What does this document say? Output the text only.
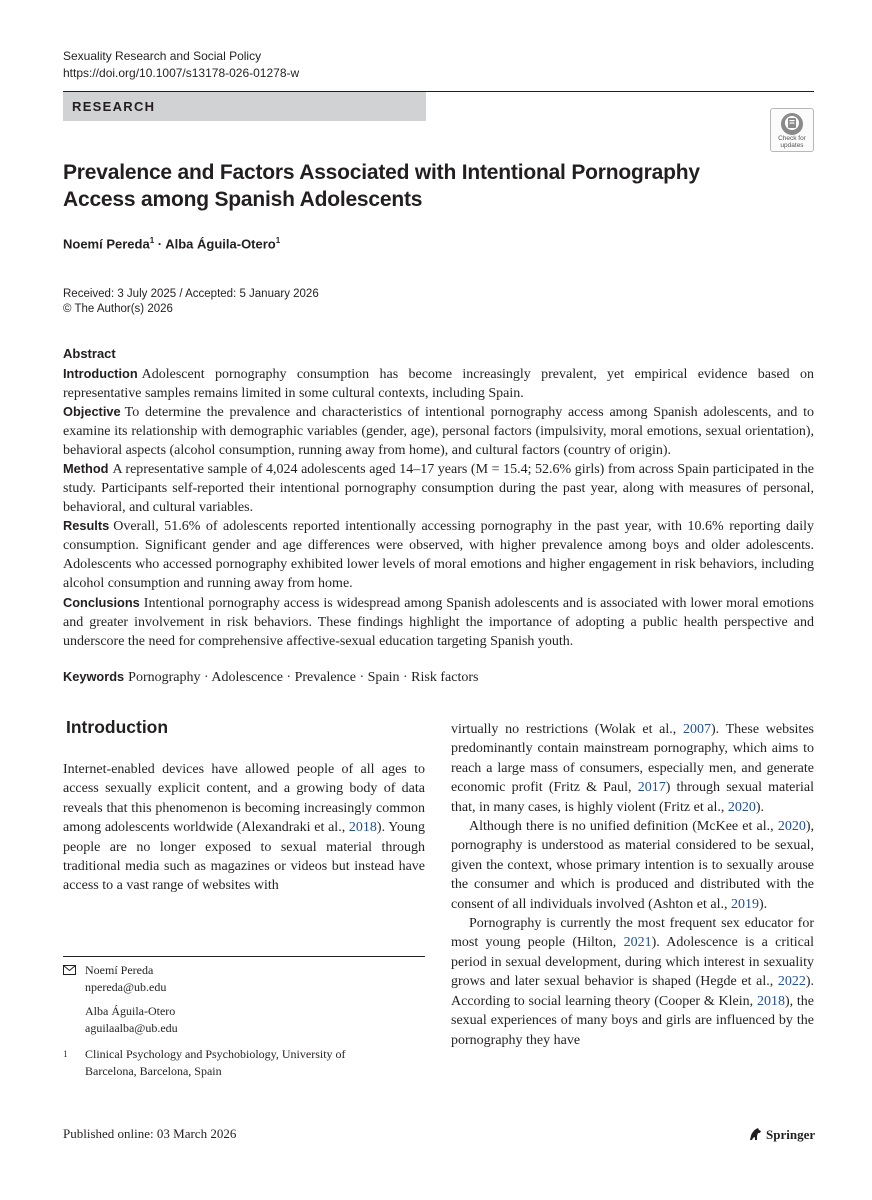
Sexuality Research and Social Policy
https://doi.org/10.1007/s13178-026-01278-w
RESEARCH
Check for updates
Prevalence and Factors Associated with Intentional Pornography Access among Spanish Adolescents
Noemí Pereda$^1$ · Alba Águila-Otero$^1$
Received: 3 July 2025 / Accepted: 5 January 2026
© The Author(s) 2026
Abstract
Introduction Adolescent pornography consumption has become increasingly prevalent, yet empirical evidence based on representative samples remains limited in some cultural contexts, including Spain.
Objective To determine the prevalence and characteristics of intentional pornography access among Spanish adolescents, and to examine its relationship with demographic variables (gender, age), personal factors (impulsivity, moral emotions, sexual orientation), behavioral aspects (alcohol consumption, running away from home), and cultural factors (country of origin).
Method A representative sample of 4,024 adolescents aged 14–17 years (M = 15.4; 52.6% girls) from across Spain participated in the study. Participants self-reported their intentional pornography consumption during the past year, along with measures of personal, behavioral, and cultural variables.
Results Overall, 51.6% of adolescents reported intentionally accessing pornography in the past year, with 10.6% reporting daily consumption. Significant gender and age differences were observed, with higher prevalence among boys and older adolescents. Adolescents who accessed pornography exhibited lower levels of moral emotions and higher engagement in risk behaviors, including alcohol consumption and running away from home.
Conclusions Intentional pornography access is widespread among Spanish adolescents and is associated with lower moral emotions and greater involvement in risk behaviors. These findings highlight the importance of adopting a public health perspective and underscore the need for comprehensive affective-sexual education targeting Spanish youth.
Keywords Pornography · Adolescence · Prevalence · Spain · Risk factors
Introduction

Internet-enabled devices have allowed people of all ages to access sexually explicit content, and a growing body of data reveals that this phenomenon is becoming increasingly common among adolescents worldwide (Alexandraki et al., 2018). Young people are no longer exposed to sexual material through traditional media such as magazines or videos but instead have access to a vast range of websites with

virtually no restrictions (Wolak et al., 2007). These websites predominantly contain mainstream pornography, which aims to reach a large mass of consumers, especially men, and generate economic profit (Fritz & Paul, 2017) through sexual material that, in many cases, is highly violent (Fritz et al., 2020).

Although there is no unified definition (McKee et al., 2020), pornography is understood as material considered to be sexual, given the context, whose primary intention is to sexually arouse the consumer and which is produced and distributed with the consent of all individuals involved (Ashton et al., 2019).

Pornography is currently the most frequent sex educator for most young people (Hilton, 2021). Adolescence is a critical period in sexual development, during which interest in sexuality grows and later sexual behavior is shaped (Hegde et al., 2022). According to social learning theory (Cooper & Klein, 2018), the sexual experiences of many boys and girls are influenced by the pornography they have

Noemí Pereda
npereda@ub.edu
Alba Águila-Otero
aguilaalba@ub.edu
1 Clinical Psychology and Psychobiology, University of Barcelona, Barcelona, Spain
Published online: 03 March 2026	Springer
